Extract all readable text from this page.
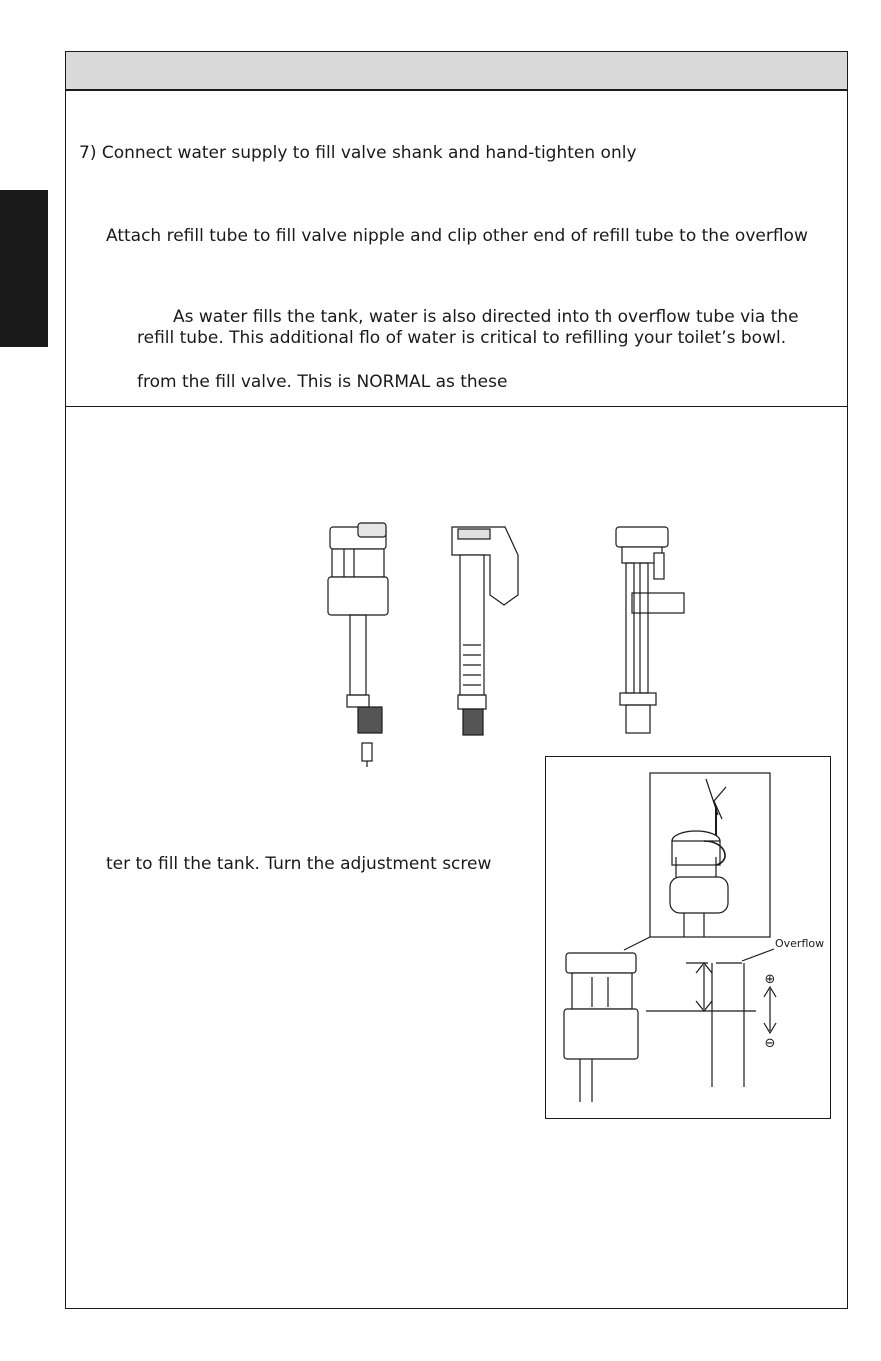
7) Connect water supply to fill valve shank and hand-tighten only
Attach refill tube to fill valve nipple and clip other end of refill tube to the overflow
As water fills the tank, water is also directed into th overflow tube via the
refill tube. This additional flo of water is critical to refilling your toilet’s bowl.
from the fill valve. This is NORMAL as these
ter to fill the tank. Turn the adjustment screw
⊕
⊖
Overflow
